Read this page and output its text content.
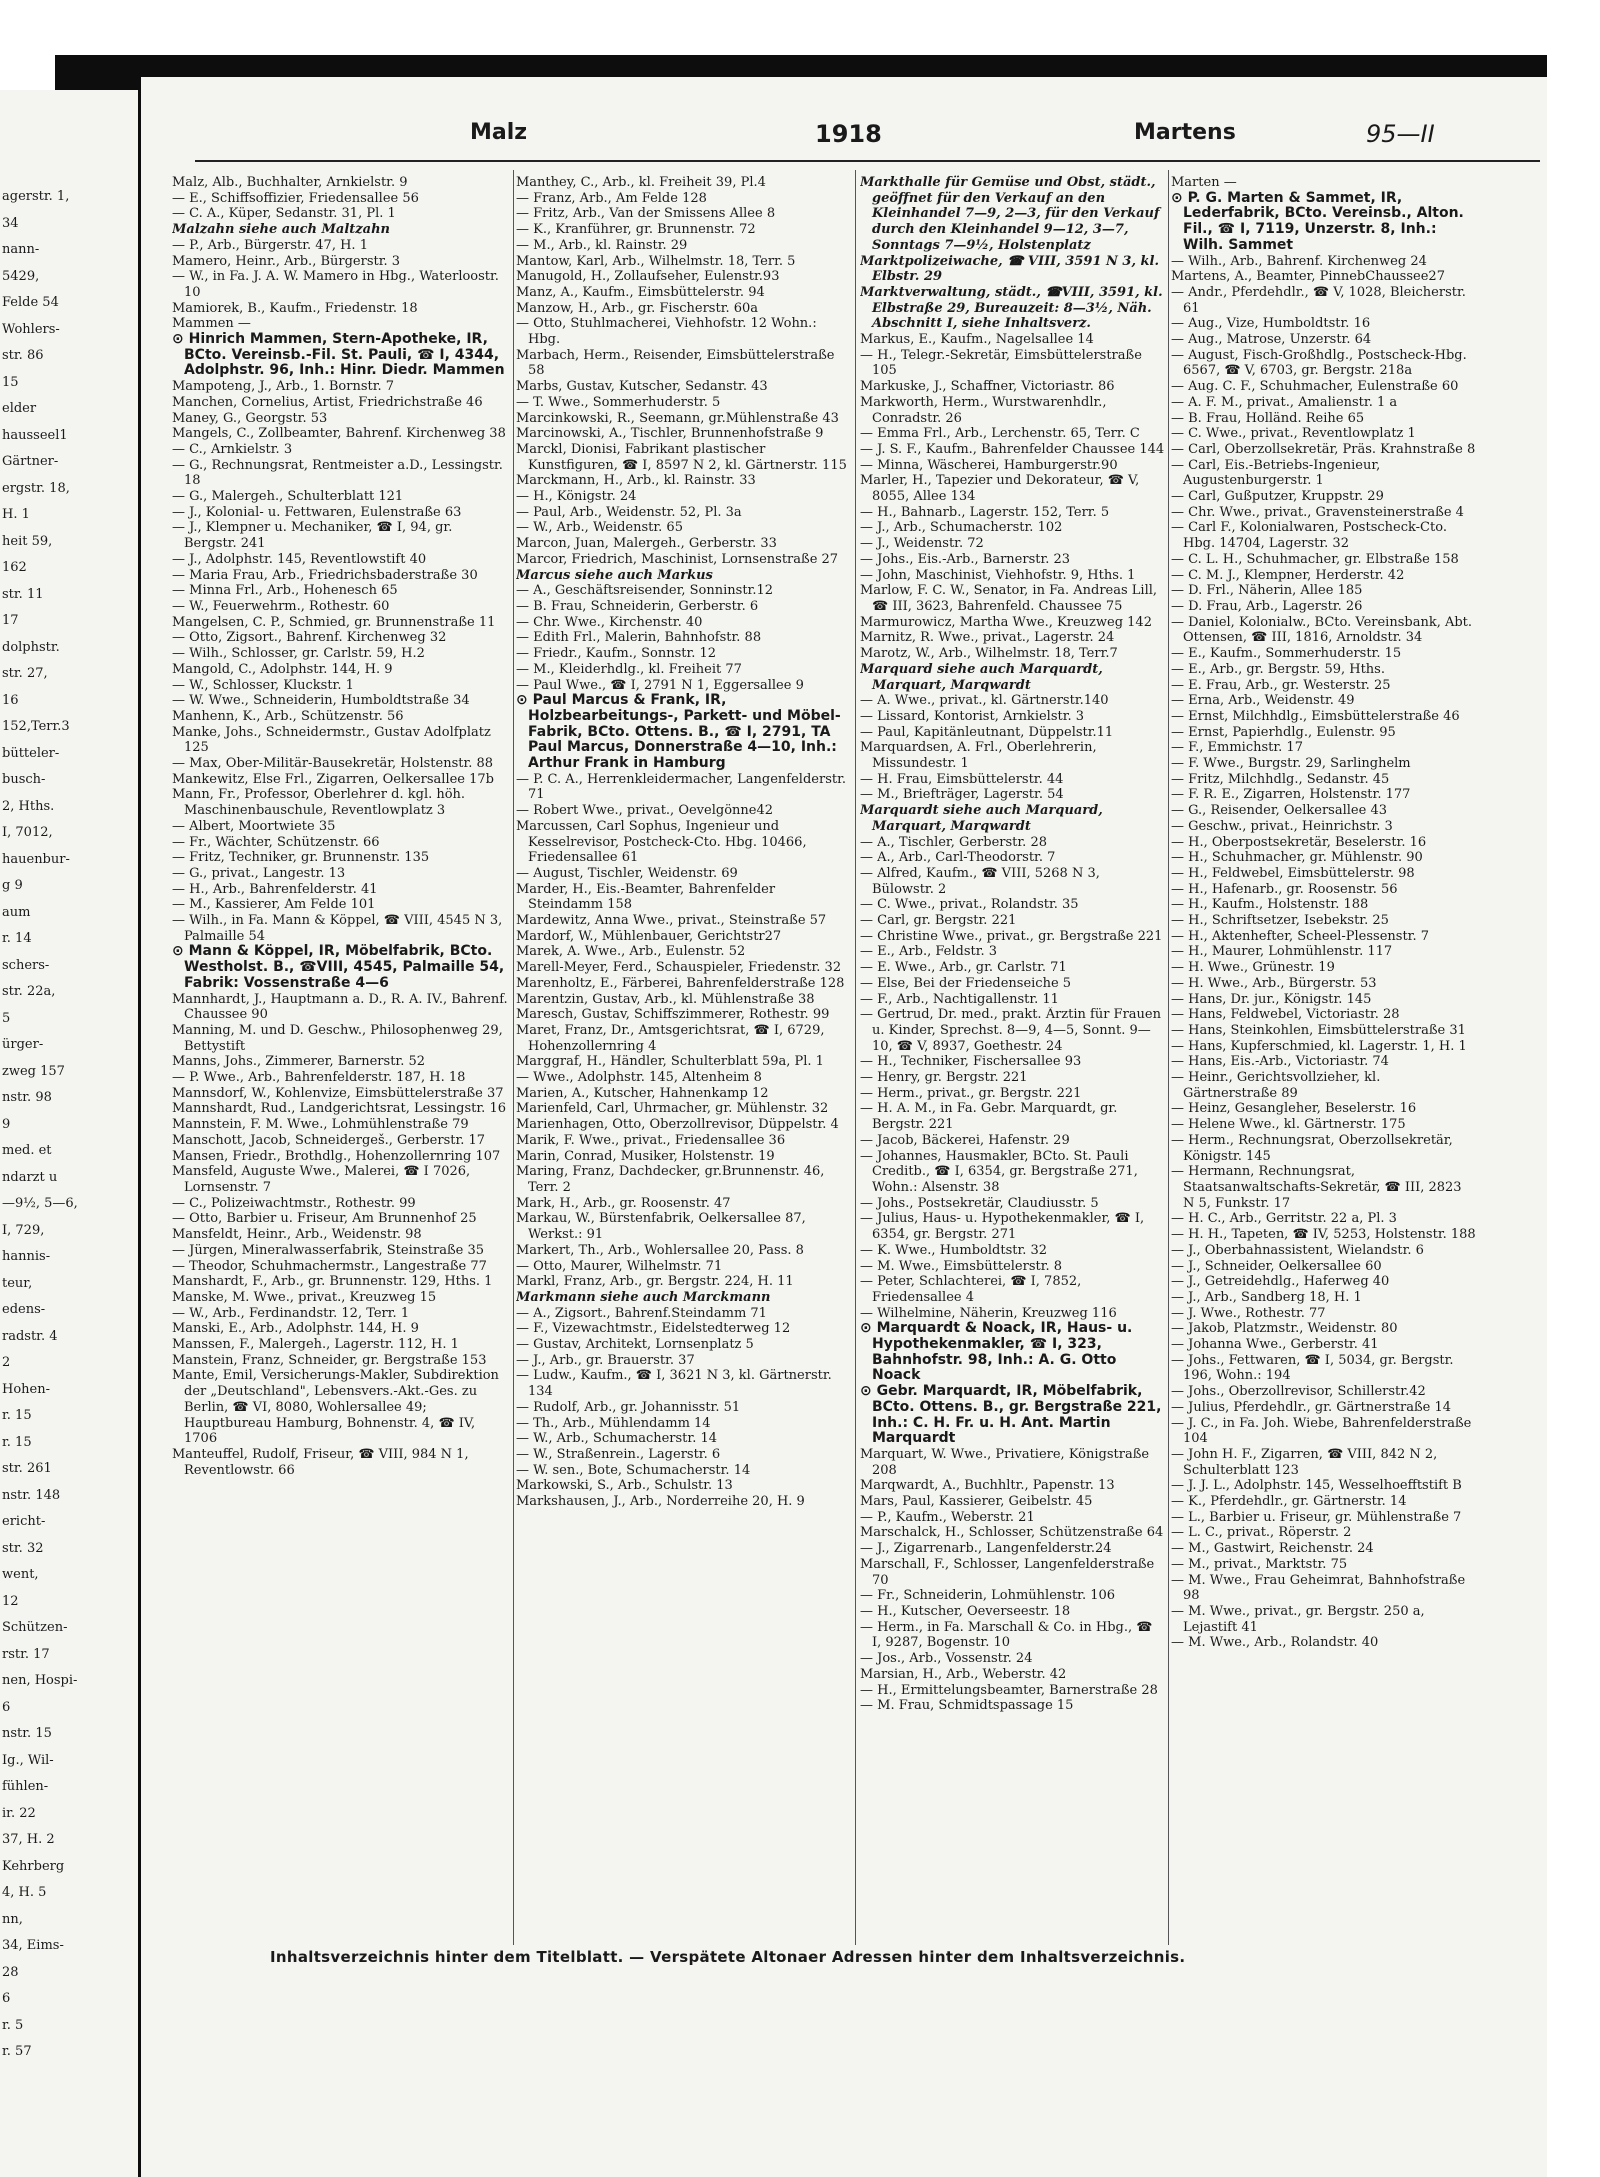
agerstr. 1,
34
nann-
5429,
Felde 54
Wohlers-
str. 86
15
elder
hausseel1
Gärtner-
ergstr. 18,
H. 1
heit 59,
162
str. 11
17
dolphstr.
str. 27,
16
152,Terr.3
bütteler-
busch-
2, Hths.
I, 7012,
hauenbur-
g 9
aum
r. 14
schers-
str. 22a,
5
ürger-
zweg 157
nstr. 98
9
med. et
ndarzt u
—9½, 5—6,
I, 729,
hannis-
teur,
edens-
radstr. 4
2
Hohen-
r. 15
r. 15
str. 261
nstr. 148
ericht-
str. 32
went,
12
Schützen-
rstr. 17
nen, Hospi-
6
nstr. 15
Ig., Wil-
fühlen-
ir. 22
37, H. 2
Kehrberg
4, H. 5
nn,
34, Eims-
28
6
r. 5
r. 57
Malz	1918	Martens	95—II

Malz, Alb., Buchhalter, Arnkielstr. 9

— E., Schiffsoffizier, Friedensallee 56

— C. A., Küper, Sedanstr. 31, Pl. 1

Malzahn siehe auch Maltzahn

— P., Arb., Bürgerstr. 47, H. 1

Mamero, Heinr., Arb., Bürgerstr. 3

— W., in Fa. J. A. W. Mamero in Hbg., Waterloostr. 10

Mamiorek, B., Kaufm., Friedenstr. 18

Mammen —

⊙ Hinrich Mammen, Stern-Apotheke, IR, BCto. Vereinsb.-Fil. St. Pauli, ☎ I, 4344, Adolphstr. 96, Inh.: Hinr. Diedr. Mammen

Mampoteng, J., Arb., 1. Bornstr. 7

Manchen, Cornelius, Artist, Friedrichstraße 46

Maney, G., Georgstr. 53

Mangels, C., Zollbeamter, Bahrenf. Kirchenweg 38

— C., Arnkielstr. 3

— G., Rechnungsrat, Rentmeister a.D., Lessingstr. 18

— G., Malergeh., Schulterblatt 121

— J., Kolonial- u. Fettwaren, Eulenstraße 63

— J., Klempner u. Mechaniker, ☎ I, 94, gr. Bergstr. 241

— J., Adolphstr. 145, Reventlowstift 40

— Maria Frau, Arb., Friedrichsbaderstraße 30

— Minna Frl., Arb., Hohenesch 65

— W., Feuerwehrm., Rothestr. 60

Mangelsen, C. P., Schmied, gr. Brunnenstraße 11

— Otto, Zigsort., Bahrenf. Kirchenweg 32

— Wilh., Schlosser, gr. Carlstr. 59, H.2

Mangold, C., Adolphstr. 144, H. 9

— W., Schlosser, Kluckstr. 1

— W. Wwe., Schneiderin, Humboldtstraße 34

Manhenn, K., Arb., Schützenstr. 56

Manke, Johs., Schneidermstr., Gustav Adolfplatz 125

— Max, Ober-Militär-Bausekretär, Holstenstr. 88

Mankewitz, Else Frl., Zigarren, Oelkersallee 17b

Mann, Fr., Professor, Oberlehrer d. kgl. höh. Maschinenbauschule, Reventlowplatz 3

— Albert, Moortwiete 35

— Fr., Wächter, Schützenstr. 66

— Fritz, Techniker, gr. Brunnenstr. 135

— G., privat., Langestr. 13

— H., Arb., Bahrenfelderstr. 41

— M., Kassierer, Am Felde 101

— Wilh., in Fa. Mann & Köppel, ☎ VIII, 4545 N 3, Palmaille 54

⊙ Mann & Köppel, IR, Möbelfabrik, BCto. Westholst. B., ☎VIII, 4545, Palmaille 54, Fabrik: Vossenstraße 4—6

Mannhardt, J., Hauptmann a. D., R. A. IV., Bahrenf. Chaussee 90

Manning, M. und D. Geschw., Philosophenweg 29, Bettystift

Manns, Johs., Zimmerer, Barnerstr. 52

— P. Wwe., Arb., Bahrenfelderstr. 187, H. 18

Mannsdorf, W., Kohlenvize, Eimsbüttelerstraße 37

Mannshardt, Rud., Landgerichtsrat, Lessingstr. 16

Mannstein, F. M. Wwe., Lohmühlenstraße 79

Manschott, Jacob, Schneidergeš., Gerberstr. 17

Mansen, Friedr., Brothdlg., Hohenzollernring 107

Mansfeld, Auguste Wwe., Malerei, ☎ I 7026, Lornsenstr. 7

— C., Polizeiwachtmstr., Rothestr. 99

— Otto, Barbier u. Friseur, Am Brunnenhof 25

Mansfeldt, Heinr., Arb., Weidenstr. 98

— Jürgen, Mineralwasserfabrik, Steinstraße 35

— Theodor, Schuhmachermstr., Langestraße 77

Manshardt, F., Arb., gr. Brunnenstr. 129, Hths. 1

Manske, M. Wwe., privat., Kreuzweg 15

— W., Arb., Ferdinandstr. 12, Terr. 1

Manski, E., Arb., Adolphstr. 144, H. 9

Manssen, F., Malergeh., Lagerstr. 112, H. 1

Manstein, Franz, Schneider, gr. Bergstraße 153

Mante, Emil, Versicherungs-Makler, Subdirektion der „Deutschland", Lebensvers.-Akt.-Ges. zu Berlin, ☎ VI, 8080, Wohlersallee 49; Hauptbureau Hamburg, Bohnenstr. 4, ☎ IV, 1706

Manteuffel, Rudolf, Friseur, ☎ VIII, 984 N 1, Reventlowstr. 66

Manthey, C., Arb., kl. Freiheit 39, Pl.4

— Franz, Arb., Am Felde 128

— Fritz, Arb., Van der Smissens Allee 8

— K., Kranführer, gr. Brunnenstr. 72

— M., Arb., kl. Rainstr. 29

Mantow, Karl, Arb., Wilhelmstr. 18, Terr. 5

Manugold, H., Zollaufseher, Eulenstr.93

Manz, A., Kaufm., Eimsbüttelerstr. 94

Manzow, H., Arb., gr. Fischerstr. 60a

— Otto, Stuhlmacherei, Viehhofstr. 12 Wohn.: Hbg.

Marbach, Herm., Reisender, Eimsbüttelerstraße 58

Marbs, Gustav, Kutscher, Sedanstr. 43

— T. Wwe., Sommerhuderstr. 5

Marcinkowski, R., Seemann, gr.Mühlenstraße 43

Marcinowski, A., Tischler, Brunnenhofstraße 9

Marckl, Dionisi, Fabrikant plastischer Kunstfiguren, ☎ I, 8597 N 2, kl. Gärtnerstr. 115

Marckmann, H., Arb., kl. Rainstr. 33

— H., Königstr. 24

— Paul, Arb., Weidenstr. 52, Pl. 3a

— W., Arb., Weidenstr. 65

Marcon, Juan, Malergeh., Gerberstr. 33

Marcor, Friedrich, Maschinist, Lornsenstraße 27

Marcus siehe auch Markus

— A., Geschäftsreisender, Sonninstr.12

— B. Frau, Schneiderin, Gerberstr. 6

— Chr. Wwe., Kirchenstr. 40

— Edith Frl., Malerin, Bahnhofstr. 88

— Friedr., Kaufm., Sonnstr. 12

— M., Kleiderhdlg., kl. Freiheit 77

— Paul Wwe., ☎ I, 2791 N 1, Eggersallee 9

⊙ Paul Marcus & Frank, IR, Holzbearbeitungs-, Parkett- und Möbel-Fabrik, BCto. Ottens. B., ☎ I, 2791, TA Paul Marcus, Donnerstraße 4—10, Inh.: Arthur Frank in Hamburg

— P. C. A., Herrenkleidermacher, Langenfelderstr. 71

— Robert Wwe., privat., Oevelgönne42

Marcussen, Carl Sophus, Ingenieur und Kesselrevisor, Postcheck-Cto. Hbg. 10466, Friedensallee 61

— August, Tischler, Weidenstr. 69

Marder, H., Eis.-Beamter, Bahrenfelder Steindamm 158

Mardewitz, Anna Wwe., privat., Steinstraße 57

Mardorf, W., Mühlenbauer, Gerichtstr27

Marek, A. Wwe., Arb., Eulenstr. 52

Marell-Meyer, Ferd., Schauspieler, Friedenstr. 32

Marenholtz, E., Färberei, Bahrenfelderstraße 128

Marentzin, Gustav, Arb., kl. Mühlenstraße 38

Maresch, Gustav, Schiffszimmerer, Rothestr. 99

Maret, Franz, Dr., Amtsgerichtsrat, ☎ I, 6729, Hohenzollernring 4

Marggraf, H., Händler, Schulterblatt 59a, Pl. 1

— Wwe., Adolphstr. 145, Altenheim 8

Marien, A., Kutscher, Hahnenkamp 12

Marienfeld, Carl, Uhrmacher, gr. Mühlenstr. 32

Marienhagen, Otto, Oberzollrevisor, Düppelstr. 4

Marik, F. Wwe., privat., Friedensallee 36

Marin, Conrad, Musiker, Holstenstr. 19

Maring, Franz, Dachdecker, gr.Brunnenstr. 46, Terr. 2

Mark, H., Arb., gr. Roosenstr. 47

Markau, W., Bürstenfabrik, Oelkersallee 87, Werkst.: 91

Markert, Th., Arb., Wohlersallee 20, Pass. 8

— Otto, Maurer, Wilhelmstr. 71

Markl, Franz, Arb., gr. Bergstr. 224, H. 11

Markmann siehe auch Marckmann

— A., Zigsort., Bahrenf.Steindamm 71

— F., Vizewachtmstr., Eidelstedterweg 12

— Gustav, Architekt, Lornsenplatz 5

— J., Arb., gr. Brauerstr. 37

— Ludw., Kaufm., ☎ I, 3621 N 3, kl. Gärtnerstr. 134

— Rudolf, Arb., gr. Johannisstr. 51

— Th., Arb., Mühlendamm 14

— W., Arb., Schumacherstr. 14

— W., Straßenrein., Lagerstr. 6

— W. sen., Bote, Schumacherstr. 14

Markowski, S., Arb., Schulstr. 13

Markshausen, J., Arb., Norderreihe 20, H. 9

Markthalle für Gemüse und Obst, städt., geöffnet für den Verkauf an den Kleinhandel 7—9, 2—3, für den Verkauf durch den Kleinhandel 9—12, 3—7, Sonntags 7—9½, Holstenplatz

Marktpolizeiwache, ☎ VIII, 3591 N 3, kl. Elbstr. 29

Marktverwaltung, städt., ☎VIII, 3591, kl. Elbstraße 29, Bureauzeit: 8—3½, Näh. Abschnitt I, siehe Inhaltsverz.

Markus, E., Kaufm., Nagelsallee 14

— H., Telegr.-Sekretär, Eimsbüttelerstraße 105

Markuske, J., Schaffner, Victoriastr. 86

Markworth, Herm., Wurstwarenhdlr., Conradstr. 26

— Emma Frl., Arb., Lerchenstr. 65, Terr. C

— J. S. F., Kaufm., Bahrenfelder Chaussee 144

— Minna, Wäscherei, Hamburgerstr.90

Marler, H., Tapezier und Dekorateur, ☎ V, 8055, Allee 134

— H., Bahnarb., Lagerstr. 152, Terr. 5

— J., Arb., Schumacherstr. 102

— J., Weidenstr. 72

— Johs., Eis.-Arb., Barnerstr. 23

— John, Maschinist, Viehhofstr. 9, Hths. 1

Marlow, F. C. W., Senator, in Fa. Andreas Lill, ☎ III, 3623, Bahrenfeld. Chaussee 75

Marmurowicz, Martha Wwe., Kreuzweg 142

Marnitz, R. Wwe., privat., Lagerstr. 24

Marotz, W., Arb., Wilhelmstr. 18, Terr.7

Marquard siehe auch Marquardt, Marquart, Marqwardt

— A. Wwe., privat., kl. Gärtnerstr.140

— Lissard, Kontorist, Arnkielstr. 3

— Paul, Kapitänleutnant, Düppelstr.11

Marquardsen, A. Frl., Oberlehrerin, Missundestr. 1

— H. Frau, Eimsbüttelerstr. 44

— M., Briefträger, Lagerstr. 54

Marquardt siehe auch Marquard, Marquart, Marqwardt

— A., Tischler, Gerberstr. 28

— A., Arb., Carl-Theodorstr. 7

— Alfred, Kaufm., ☎ VIII, 5268 N 3, Bülowstr. 2

— C. Wwe., privat., Rolandstr. 35

— Carl, gr. Bergstr. 221

— Christine Wwe., privat., gr. Bergstraße 221

— E., Arb., Feldstr. 3

— E. Wwe., Arb., gr. Carlstr. 71

— Else, Bei der Friedenseiche 5

— F., Arb., Nachtigallenstr. 11

— Gertrud, Dr. med., prakt. Ärztin für Frauen u. Kinder, Sprechst. 8—9, 4—5, Sonnt. 9—10, ☎ V, 8937, Goethestr. 24

— H., Techniker, Fischersallee 93

— Henry, gr. Bergstr. 221

— Herm., privat., gr. Bergstr. 221

— H. A. M., in Fa. Gebr. Marquardt, gr. Bergstr. 221

— Jacob, Bäckerei, Hafenstr. 29

— Johannes, Hausmakler, BCto. St. Pauli Creditb., ☎ I, 6354, gr. Bergstraße 271, Wohn.: Alsenstr. 38

— Johs., Postsekretär, Claudiusstr. 5

— Julius, Haus- u. Hypothekenmakler, ☎ I, 6354, gr. Bergstr. 271

— K. Wwe., Humboldtstr. 32

— M. Wwe., Eimsbüttelerstr. 8

— Peter, Schlachterei, ☎ I, 7852, Friedensallee 4

— Wilhelmine, Näherin, Kreuzweg 116

⊙ Marquardt & Noack, IR, Haus- u. Hypothekenmakler, ☎ I, 323, Bahnhofstr. 98, Inh.: A. G. Otto Noack

⊙ Gebr. Marquardt, IR, Möbelfabrik, BCto. Ottens. B., gr. Bergstraße 221, Inh.: C. H. Fr. u. H. Ant. Martin Marquardt

Marquart, W. Wwe., Privatiere, Königstraße 208

Marqwardt, A., Buchhltr., Papenstr. 13

Mars, Paul, Kassierer, Geibelstr. 45

— P., Kaufm., Weberstr. 21

Marschalck, H., Schlosser, Schützenstraße 64

— J., Zigarrenarb., Langenfelderstr.24

Marschall, F., Schlosser, Langenfelderstraße 70

— Fr., Schneiderin, Lohmühlenstr. 106

— H., Kutscher, Oeverseestr. 18

— Herm., in Fa. Marschall & Co. in Hbg., ☎ I, 9287, Bogenstr. 10

— Jos., Arb., Vossenstr. 24

Marsian, H., Arb., Weberstr. 42

— H., Ermittelungsbeamter, Barnerstraße 28

— M. Frau, Schmidtspassage 15

Marten —

⊙ P. G. Marten & Sammet, IR, Lederfabrik, BCto. Vereinsb., Alton. Fil., ☎ I, 7119, Unzerstr. 8, Inh.: Wilh. Sammet

— Wilh., Arb., Bahrenf. Kirchenweg 24

Martens, A., Beamter, PinnebChaussee27

— Andr., Pferdehdlr., ☎ V, 1028, Bleicherstr. 61

— Aug., Vize, Humboldtstr. 16

— Aug., Matrose, Unzerstr. 64

— August, Fisch-Großhdlg., Postscheck-Hbg. 6567, ☎ V, 6703, gr. Bergstr. 218a

— Aug. C. F., Schuhmacher, Eulenstraße 60

— A. F. M., privat., Amalienstr. 1 a

— B. Frau, Holländ. Reihe 65

— C. Wwe., privat., Reventlowplatz 1

— Carl, Oberzollsekretär, Präs. Krahnstraße 8

— Carl, Eis.-Betriebs-Ingenieur, Augustenburgerstr. 1

— Carl, Gußputzer, Kruppstr. 29

— Chr. Wwe., privat., Gravensteinerstraße 4

— Carl F., Kolonialwaren, Postscheck-Cto. Hbg. 14704, Lagerstr. 32

— C. L. H., Schuhmacher, gr. Elbstraße 158

— C. M. J., Klempner, Herderstr. 42

— D. Frl., Näherin, Allee 185

— D. Frau, Arb., Lagerstr. 26

— Daniel, Kolonialw., BCto. Vereinsbank, Abt. Ottensen, ☎ III, 1816, Arnoldstr. 34

— E., Kaufm., Sommerhuderstr. 15

— E., Arb., gr. Bergstr. 59, Hths.

— E. Frau, Arb., gr. Westerstr. 25

— Erna, Arb., Weidenstr. 49

— Ernst, Milchhdlg., Eimsbüttelerstraße 46

— Ernst, Papierhdlg., Eulenstr. 95

— F., Emmichstr. 17

— F. Wwe., Burgstr. 29, Sarlinghelm

— Fritz, Milchhdlg., Sedanstr. 45

— F. R. E., Zigarren, Holstenstr. 177

— G., Reisender, Oelkersallee 43

— Geschw., privat., Heinrichstr. 3

— H., Oberpostsekretär, Beselerstr. 16

— H., Schuhmacher, gr. Mühlenstr. 90

— H., Feldwebel, Eimsbüttelerstr. 98

— H., Hafenarb., gr. Roosenstr. 56

— H., Kaufm., Holstenstr. 188

— H., Schriftsetzer, Isebekstr. 25

— H., Aktenhefter, Scheel-Plessenstr. 7

— H., Maurer, Lohmühlenstr. 117

— H. Wwe., Grünestr. 19

— H. Wwe., Arb., Bürgerstr. 53

— Hans, Dr. jur., Königstr. 145

— Hans, Feldwebel, Victoriastr. 28

— Hans, Steinkohlen, Eimsbüttelerstraße 31

— Hans, Kupferschmied, kl. Lagerstr. 1, H. 1

— Hans, Eis.-Arb., Victoriastr. 74

— Heinr., Gerichtsvollzieher, kl. Gärtnerstraße 89

— Heinz, Gesangleher, Beselerstr. 16

— Helene Wwe., kl. Gärtnerstr. 175

— Herm., Rechnungsrat, Oberzollsekretär, Königstr. 145

— Hermann, Rechnungsrat, Staatsanwaltschafts-Sekretär, ☎ III, 2823 N 5, Funkstr. 17

— H. C., Arb., Gerritstr. 22 a, Pl. 3

— H. H., Tapeten, ☎ IV, 5253, Holstenstr. 188

— J., Oberbahnassistent, Wielandstr. 6

— J., Schneider, Oelkersallee 60

— J., Getreidehdlg., Haferweg 40

— J., Arb., Sandberg 18, H. 1

— J. Wwe., Rothestr. 77

— Jakob, Platzmstr., Weidenstr. 80

— Johanna Wwe., Gerberstr. 41

— Johs., Fettwaren, ☎ I, 5034, gr. Bergstr. 196, Wohn.: 194

— Johs., Oberzollrevisor, Schillerstr.42

— Julius, Pferdehdlr., gr. Gärtnerstraße 14

— J. C., in Fa. Joh. Wiebe, Bahrenfelderstraße 104

— John H. F., Zigarren, ☎ VIII, 842 N 2, Schulterblatt 123

— J. J. L., Adolphstr. 145, Wesselhoefftstift B

— K., Pferdehdlr., gr. Gärtnerstr. 14

— L., Barbier u. Friseur, gr. Mühlenstraße 7

— L. C., privat., Röperstr. 2

— M., Gastwirt, Reichenstr. 24

— M., privat., Marktstr. 75

— M. Wwe., Frau Geheimrat, Bahnhofstraße 98

— M. Wwe., privat., gr. Bergstr. 250 a, Lejastift 41

— M. Wwe., Arb., Rolandstr. 40

Inhaltsverzeichnis hinter dem Titelblatt. — Verspätete Altonaer Adressen hinter dem Inhaltsverzeichnis.
